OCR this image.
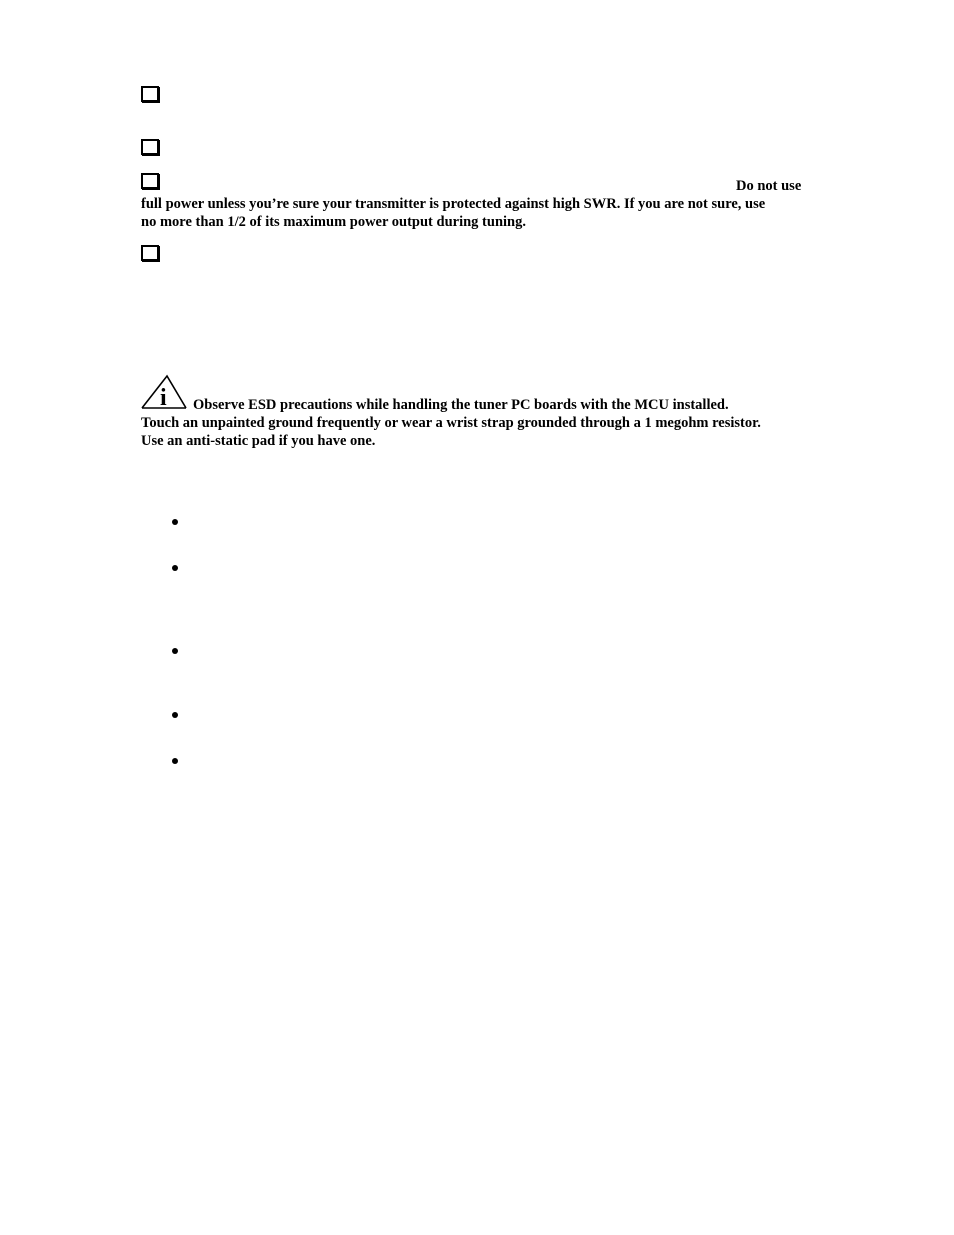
Do not use
full power unless you’re sure your transmitter is protected against high SWR. If you are not sure, use
no more than 1/2 of its maximum power output during tuning.
i Observe ESD precautions while handling the tuner PC boards with the MCU installed.
Touch an unpainted ground frequently or wear a wrist strap grounded through a 1 megohm resistor.
Use an anti-static pad if you have one.
